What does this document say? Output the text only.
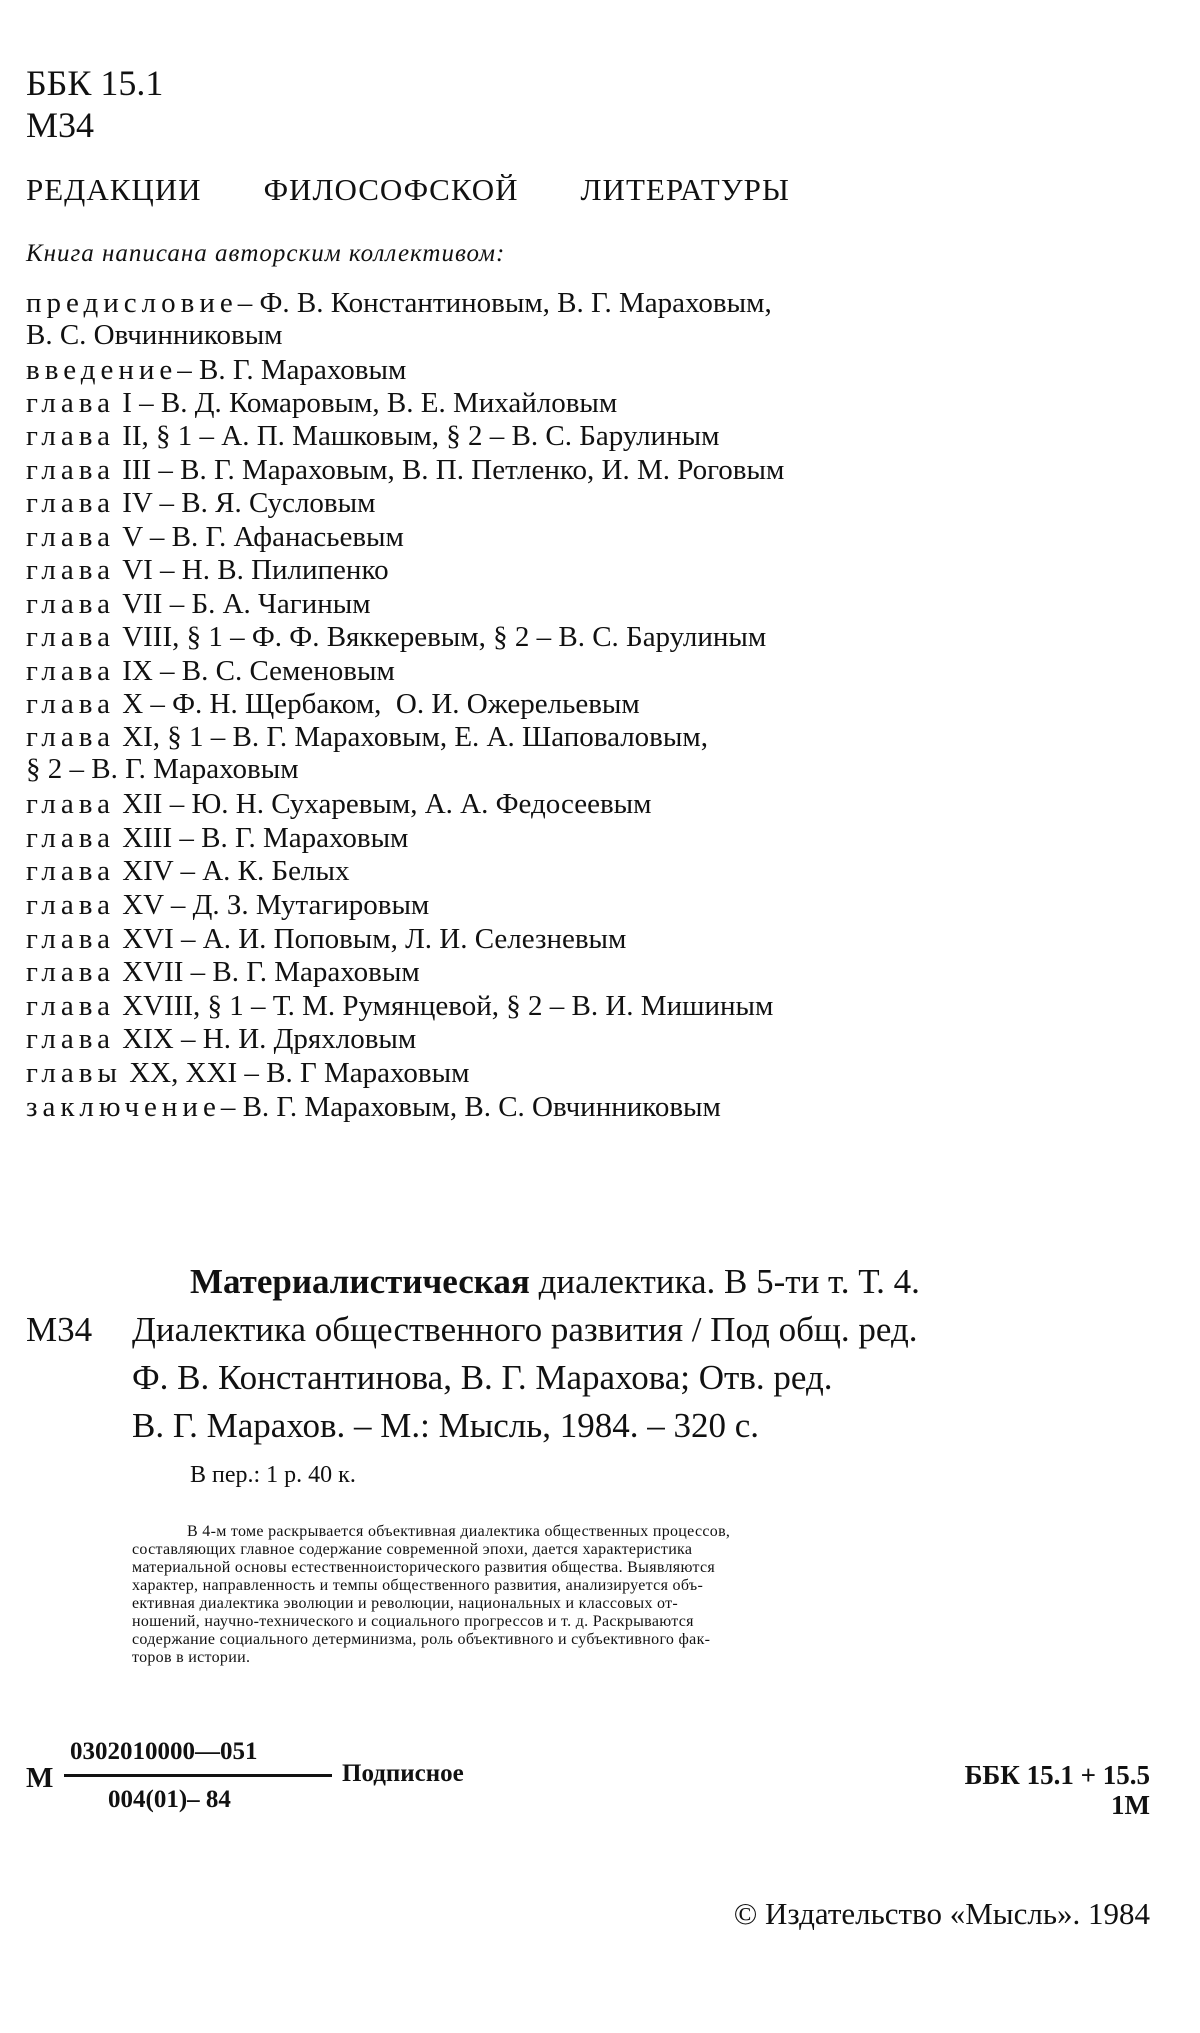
ББК 15.1
М34
РЕДАКЦИИ ФИЛОСОФСКОЙ ЛИТЕРАТУРЫ
Книга написана авторским коллективом:
предисловие– Ф. В. Константиновым, В. Г. Мараховым,
В. С. Овчинниковым
введение– В. Г. Мараховым
глава I – В. Д. Комаровым, В. Е. Михайловым
глава II, § 1 – А. П. Машковым, § 2 – В. С. Барулиным
глава III – В. Г. Мараховым, В. П. Петленко, И. М. Роговым
глава IV – В. Я. Сусловым
глава V – В. Г. Афанасьевым
глава VI – Н. В. Пилипенко
глава VII – Б. А. Чагиным
глава VIII, § 1 – Ф. Ф. Вяккеревым, § 2 – В. С. Барулиным
глава IX – В. С. Семеновым
глава X – Ф. Н. Щербаком,  О. И. Ожерельевым
глава XI, § 1 – В. Г. Мараховым, Е. А. Шаповаловым,
§ 2 – В. Г. Мараховым
глава XII – Ю. Н. Сухаревым, А. А. Федосеевым
глава XIII – В. Г. Мараховым
глава XIV – А. К. Белых
глава XV – Д. З. Мутагировым
глава XVI – А. И. Поповым, Л. И. Селезневым
глава XVII – В. Г. Мараховым
глава XVIII, § 1 – Т. М. Румянцевой, § 2 – В. И. Мишиным
глава XIX – Н. И. Дряхловым
главы XX, XXI – В. Г Мараховым
заключение– В. Г. Мараховым, В. С. Овчинниковым
Материалистическая диалектика. В 5-ти т. Т. 4.
М34 Диалектика общественного развития / Под общ. ред.
Ф. В. Константинова, В. Г. Марахова; Отв. ред.
В. Г. Марахов. – М.: Мысль, 1984. – 320 с.
В пер.: 1 р. 40 к.
В 4-м томе раскрывается объективная диалектика общественных процессов,
составляющих главное содержание современной эпохи, дается характеристика
материальной основы естественноисторического развития общества. Выявляются
характер, направленность и темпы общественного развития, анализируется объ-
ективная диалектика эволюции и революции, национальных и классовых от-
ношений, научно-технического и социального прогрессов и т. д. Раскрываются
содержание социального детерминизма, роль объективного и субъективного фак-
торов в истории.
М
0302010000—051
004(01)– 84
Подписное	ББК 15.1 + 15.5
1М
© Издательство «Мысль». 1984
